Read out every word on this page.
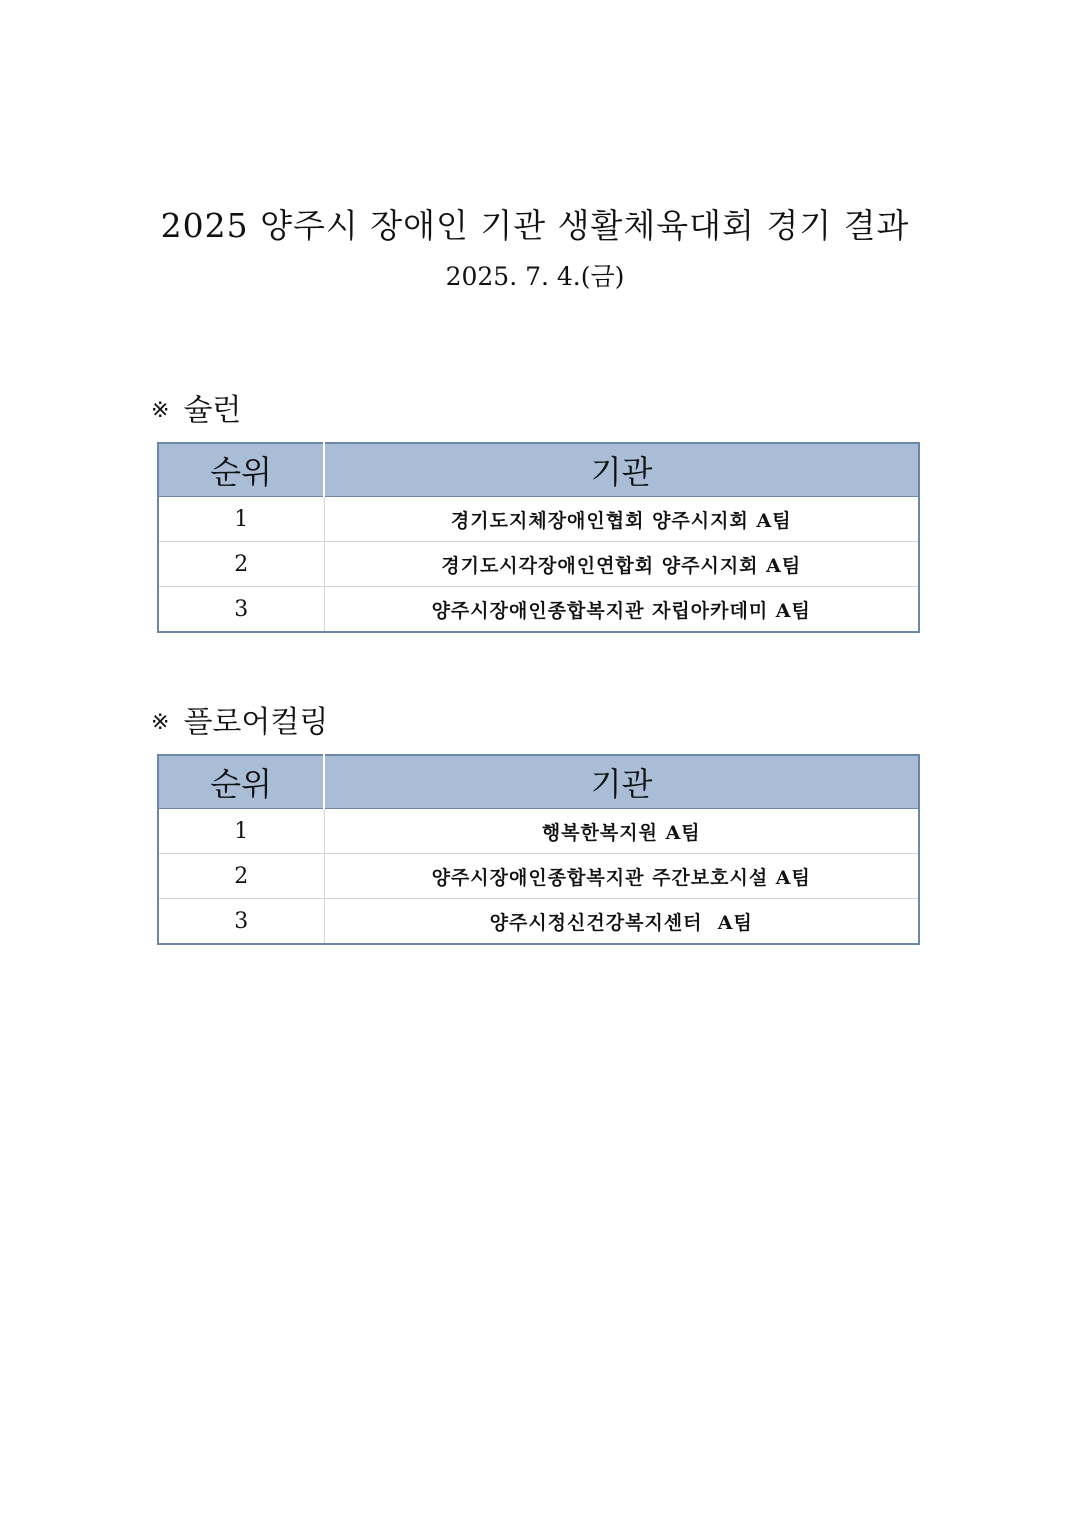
2025 양주시 장애인 기관 생활체육대회 경기 결과
2025. 7. 4.(금)
※ 슐런
순위	기관
1	경기도지체장애인협회 양주시지회 A팀
2	경기도시각장애인연합회 양주시지회 A팀
3	양주시장애인종합복지관 자립아카데미 A팀
※ 플로어컬링
순위	기관
1	행복한복지원 A팀
2	양주시장애인종합복지관 주간보호시설 A팀
3	양주시정신건강복지센터  A팀
